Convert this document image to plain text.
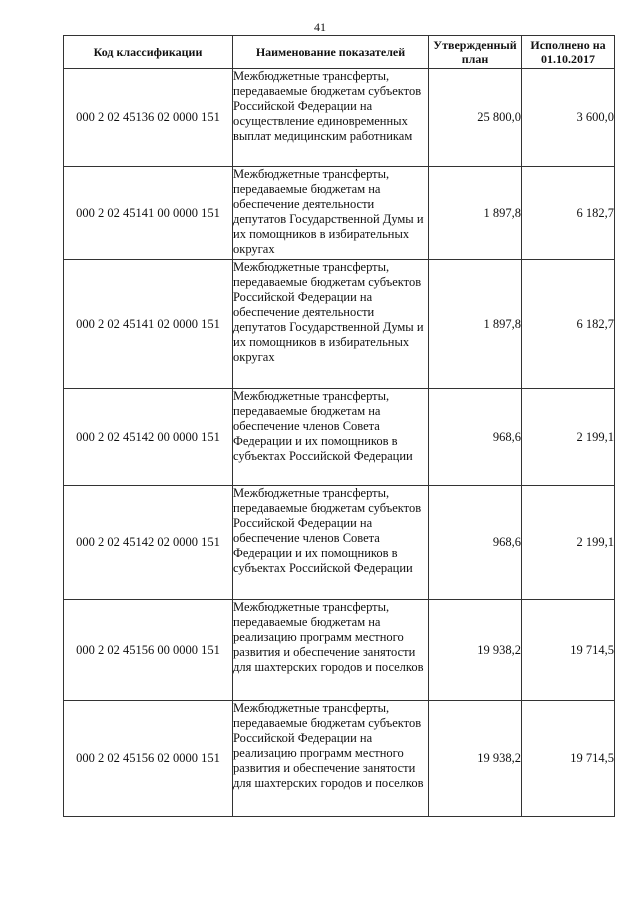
41
Код классификации	Наименование показателей	Утвержденный план	Исполнено на 01.10.2017
000 2 02 45136 02 0000 151	Межбюджетные трансферты, передаваемые бюджетам субъектов Российской Федерации на осуществление единовременных выплат медицинским работникам	25 800,0	3 600,0
000 2 02 45141 00 0000 151	Межбюджетные трансферты, передаваемые бюджетам на обеспечение деятельности депутатов Государственной Думы и их помощников в избирательных округах	1 897,8	6 182,7
000 2 02 45141 02 0000 151	Межбюджетные трансферты, передаваемые бюджетам субъектов Российской Федерации на обеспечение деятельности депутатов Государственной Думы и их помощников в избирательных округах	1 897,8	6 182,7
000 2 02 45142 00 0000 151	Межбюджетные трансферты, передаваемые бюджетам на обеспечение членов Совета Федерации и их помощников в субъектах Российской Федерации	968,6	2 199,1
000 2 02 45142 02 0000 151	Межбюджетные трансферты, передаваемые бюджетам субъектов Российской Федерации на обеспечение членов Совета Федерации и их помощников в субъектах Российской Федерации	968,6	2 199,1
000 2 02 45156 00 0000 151	Межбюджетные трансферты, передаваемые бюджетам на реализацию программ местного развития и обеспечение занятости для шахтерских городов и поселков	19 938,2	19 714,5
000 2 02 45156 02 0000 151	Межбюджетные трансферты, передаваемые бюджетам субъектов Российской Федерации на реализацию программ местного развития и обеспечение занятости для шахтерских городов и поселков	19 938,2	19 714,5
